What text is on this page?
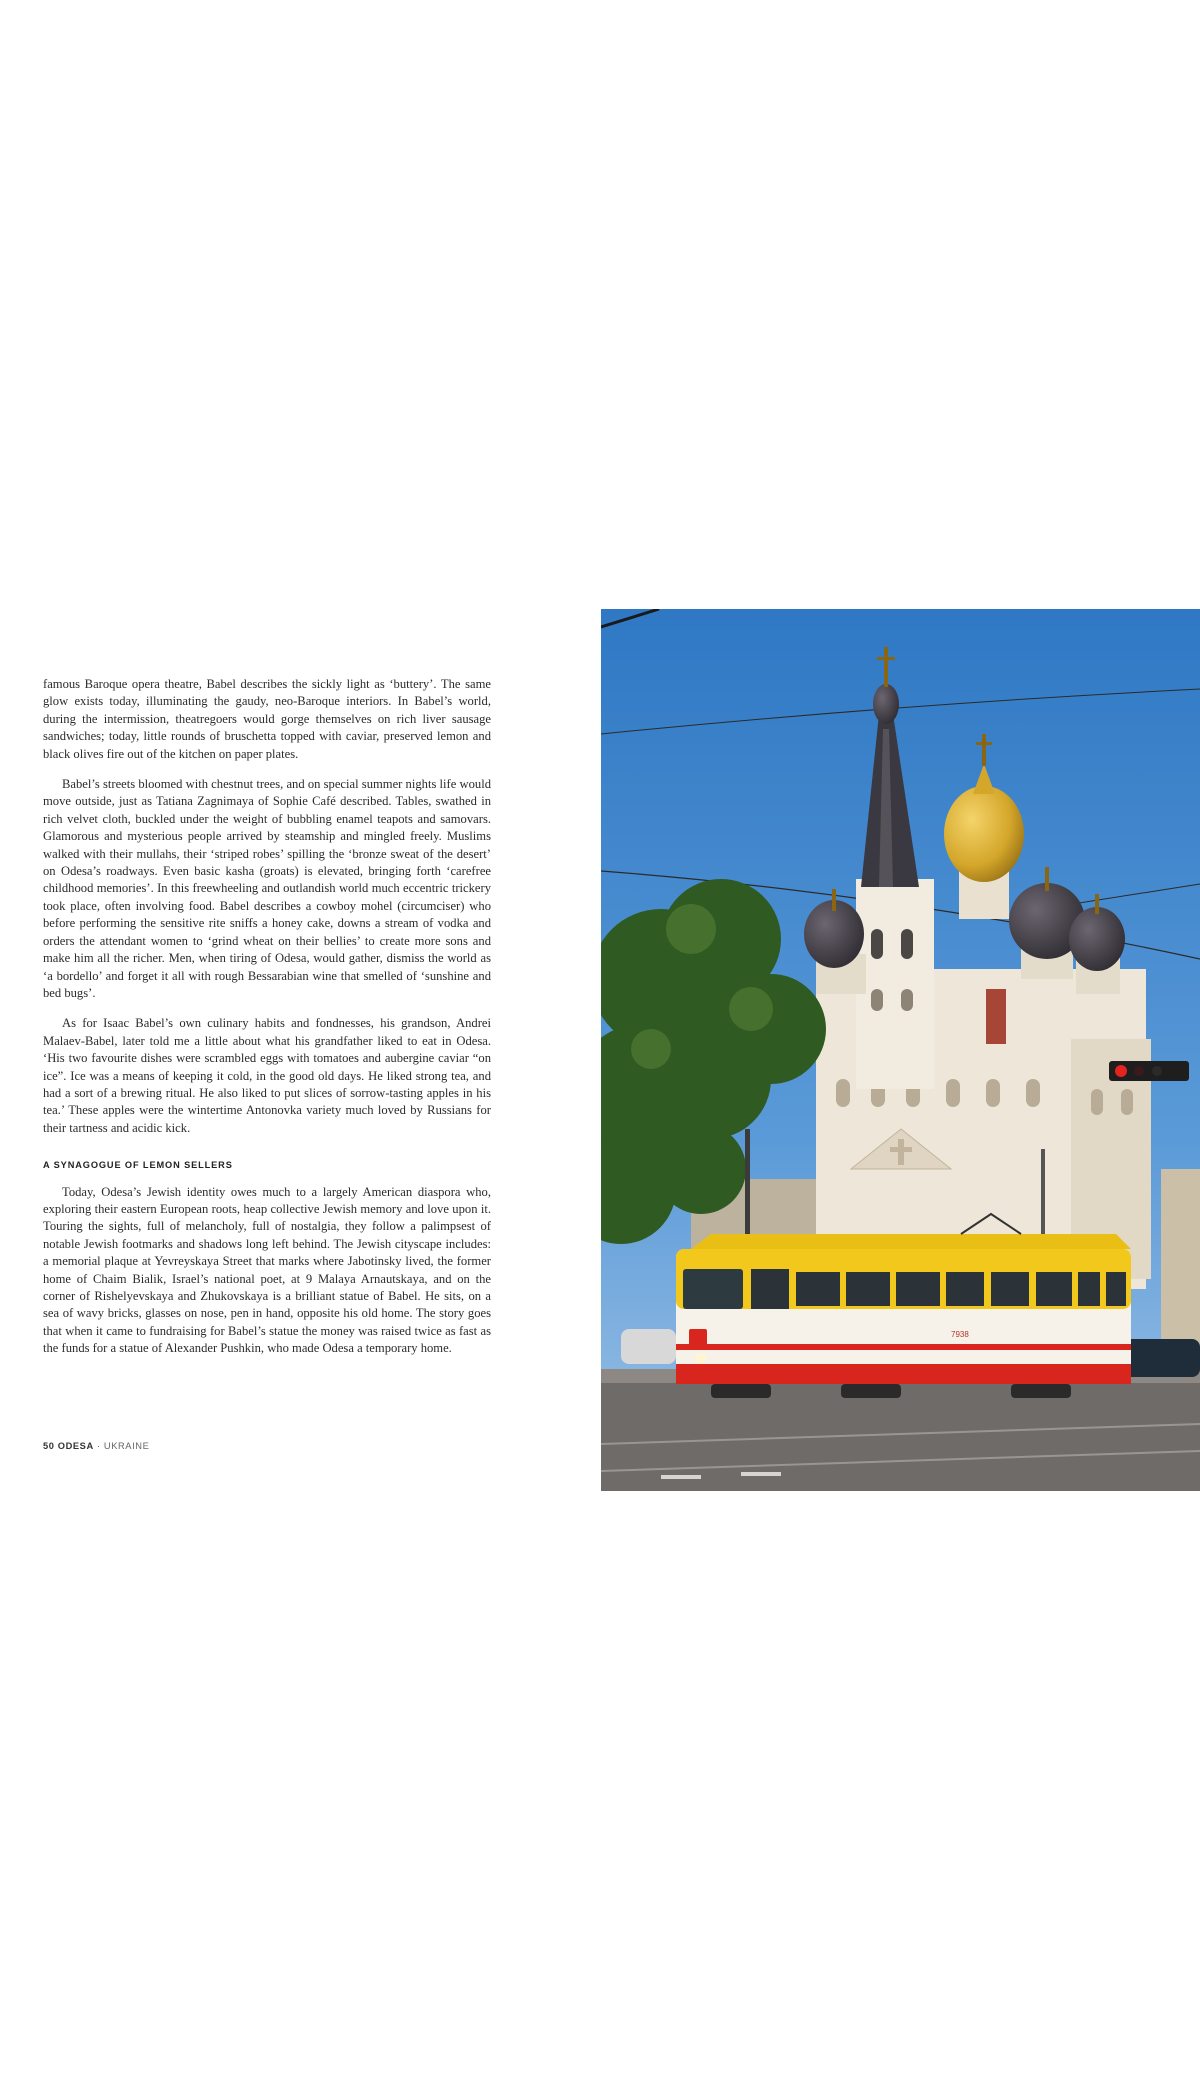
famous Baroque opera theatre, Babel describes the sickly light as ‘buttery’. The same glow exists today, illuminating the gaudy, neo-Baroque interiors. In Babel’s world, during the intermission, theatregoers would gorge themselves on rich liver sausage sandwiches; today, little rounds of bruschetta topped with caviar, preserved lemon and black olives fire out of the kitchen on paper plates.

Babel’s streets bloomed with chestnut trees, and on special summer nights life would move outside, just as Tatiana Zagnimaya of Sophie Café described. Tables, swathed in rich velvet cloth, buckled under the weight of bubbling enamel teapots and samovars. Glamorous and mysterious people arrived by steamship and mingled freely. Muslims walked with their mullahs, their ‘striped robes’ spilling the ‘bronze sweat of the desert’ on Odesa’s roadways. Even basic kasha (groats) is elevated, bringing forth ‘carefree childhood memories’. In this freewheeling and outlandish world much eccentric trickery took place, often involving food. Babel describes a cowboy mohel (circumciser) who before performing the sensitive rite sniffs a honey cake, downs a stream of vodka and orders the attendant women to ‘grind wheat on their bellies’ to create more sons and make him all the richer. Men, when tiring of Odesa, would gather, dismiss the world as ‘a bordello’ and forget it all with rough Bessarabian wine that smelled of ‘sunshine and bed bugs’.

As for Isaac Babel’s own culinary habits and fondnesses, his grandson, Andrei Malaev-Babel, later told me a little about what his grandfather liked to eat in Odesa. ‘His two favourite dishes were scrambled eggs with tomatoes and aubergine caviar “on ice”. Ice was a means of keeping it cold, in the good old days. He liked strong tea, and had a sort of a brewing ritual. He also liked to put slices of sorrow-tasting apples in his tea.’ These apples were the wintertime Antonovka variety much loved by Russians for their tartness and acidic kick.

A SYNAGOGUE OF LEMON SELLERS

Today, Odesa’s Jewish identity owes much to a largely American diaspora who, exploring their eastern European roots, heap collective Jewish memory and love upon it. Touring the sights, full of melancholy, full of nostalgia, they follow a palimpsest of notable Jewish footmarks and shadows long left behind. The Jewish cityscape includes: a memorial plaque at Yevreyskaya Street that marks where Jabotinsky lived, the former home of Chaim Bialik, Israel’s national poet, at 9 Malaya Arnautskaya, and on the corner of Rishelyevskaya and Zhukovskaya is a brilliant statue of Babel. He sits, on a sea of wavy bricks, glasses on nose, pen in hand, opposite his old home. The story goes that when it came to fundraising for Babel’s statue the money was raised twice as fast as the funds for a statue of Alexander Pushkin, who made Odesa a temporary home.

50 ODESA · UKRAINE
7938
